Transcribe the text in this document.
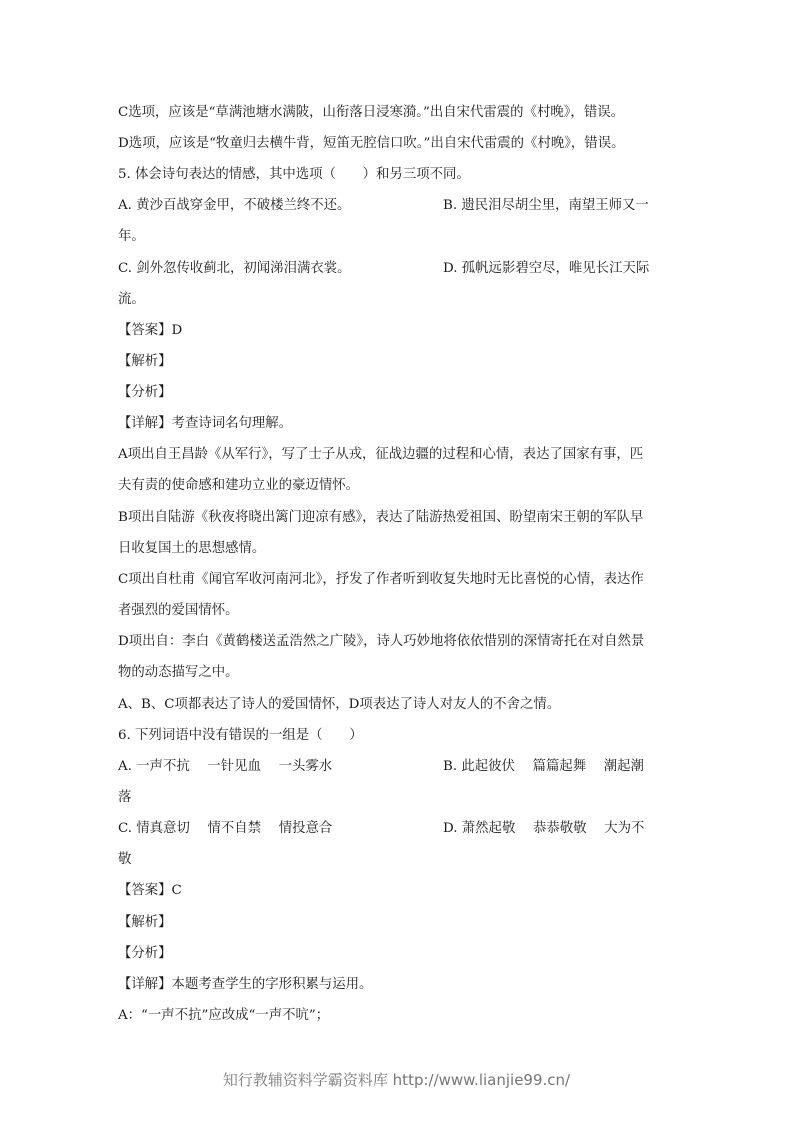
C选项，应该是“草满池塘水满陂，山衔落日浸寒漪。”出自宋代雷震的《村晚》，错误。
D选项，应该是“牧童归去横牛背，短笛无腔信口吹。”出自宋代雷震的《村晚》，错误。
5. 体会诗句表达的情感，其中选项（　　）和另三项不同。
A. 黄沙百战穿金甲，不破楼兰终不还。	B. 遗民泪尽胡尘里，南望王师又一
年。
C. 剑外忽传收蓟北，初闻涕泪满衣裳。	D. 孤帆远影碧空尽，唯见长江天际
流。
【答案】D
【解析】
【分析】
【详解】考查诗词名句理解。
A项出自王昌龄《从军行》，写了士子从戎，征战边疆的过程和心情，表达了国家有事，匹
夫有责的使命感和建功立业的豪迈情怀。
B项出自陆游《秋夜将晓出篱门迎凉有感》，表达了陆游热爱祖国、盼望南宋王朝的军队早
日收复国土的思想感情。
C项出自杜甫《闻官军收河南河北》，抒发了作者听到收复失地时无比喜悦的心情，表达作
者强烈的爱国情怀。
D项出自：李白《黄鹤楼送孟浩然之广陵》，诗人巧妙地将依依惜别的深情寄托在对自然景
物的动态描写之中。
A、B、C项都表达了诗人的爱国情怀，D项表达了诗人对友人的不舍之情。
6. 下列词语中没有错误的一组是（　　）
A. 一声不抗　 一针见血　 一头雾水	B. 此起彼伏　 篇篇起舞　 潮起潮
落
C. 情真意切　 情不自禁　 情投意合	D. 萧然起敬　 恭恭敬敬　 大为不
敬
【答案】C
【解析】
【分析】
【详解】本题考查学生的字形积累与运用。
A：“一声不抗”应改成“一声不吭”；
知行教辅资料学霸资料库 http://www.lianjie99.cn/
